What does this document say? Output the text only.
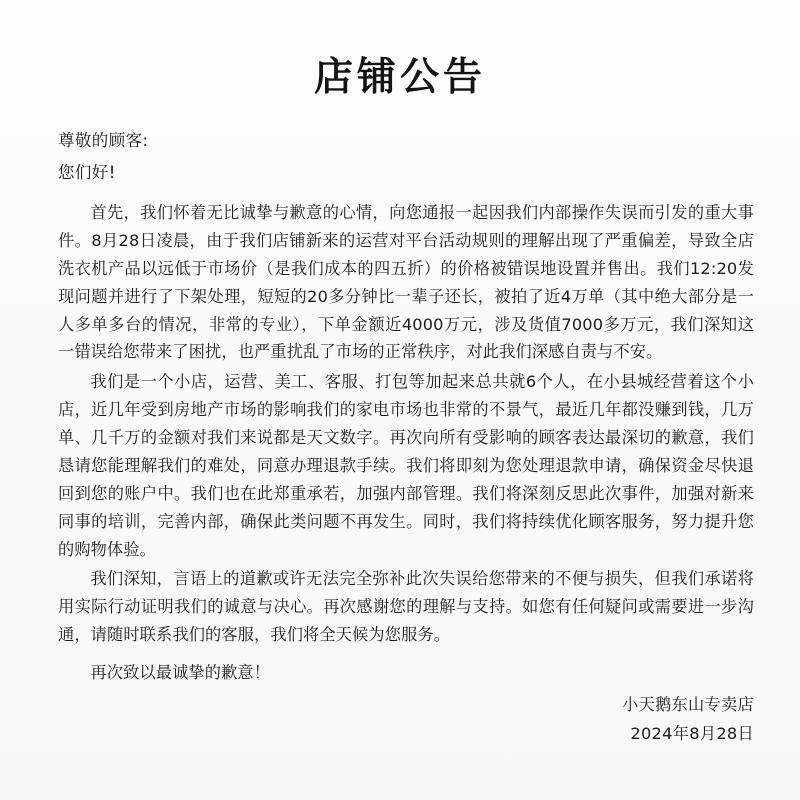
店铺公告
尊敬的顾客:
您们好!

首先，我们怀着无比诚挚与歉意的心情，向您通报一起因我们内部操作失误而引发的重大事件。8月28日凌晨，由于我们店铺新来的运营对平台活动规则的理解出现了严重偏差，导致全店洗衣机产品以远低于市场价（是我们成本的四五折）的价格被错误地设置并售出。我们12:20发现问题并进行了下架处理，短短的20多分钟比一辈子还长，被拍了近4万单（其中绝大部分是一人多单多台的情况，非常的专业），下单金额近4000万元，涉及货值7000多万元，我们深知这一错误给您带来了困扰，也严重扰乱了市场的正常秩序，对此我们深感自责与不安。

我们是一个小店，运营、美工、客服、打包等加起来总共就6个人，在小县城经营着这个小店，近几年受到房地产市场的影响我们的家电市场也非常的不景气，最近几年都没赚到钱，几万单、几千万的金额对我们来说都是天文数字。再次向所有受影响的顾客表达最深切的歉意，我们恳请您能理解我们的难处，同意办理退款手续。我们将即刻为您处理退款申请，确保资金尽快退回到您的账户中。我们也在此郑重承若，加强内部管理。我们将深刻反思此次事件，加强对新来同事的培训，完善内部，确保此类问题不再发生。同时，我们将持续优化顾客服务，努力提升您的购物体验。

我们深知，言语上的道歉或许无法完全弥补此次失误给您带来的不便与损失，但我们承诺将用实际行动证明我们的诚意与决心。再次感谢您的理解与支持。如您有任何疑问或需要进一步沟通，请随时联系我们的客服，我们将全天候为您服务。

再次致以最诚挚的歉意！

小天鹅东山专卖店
2024年8月28日
